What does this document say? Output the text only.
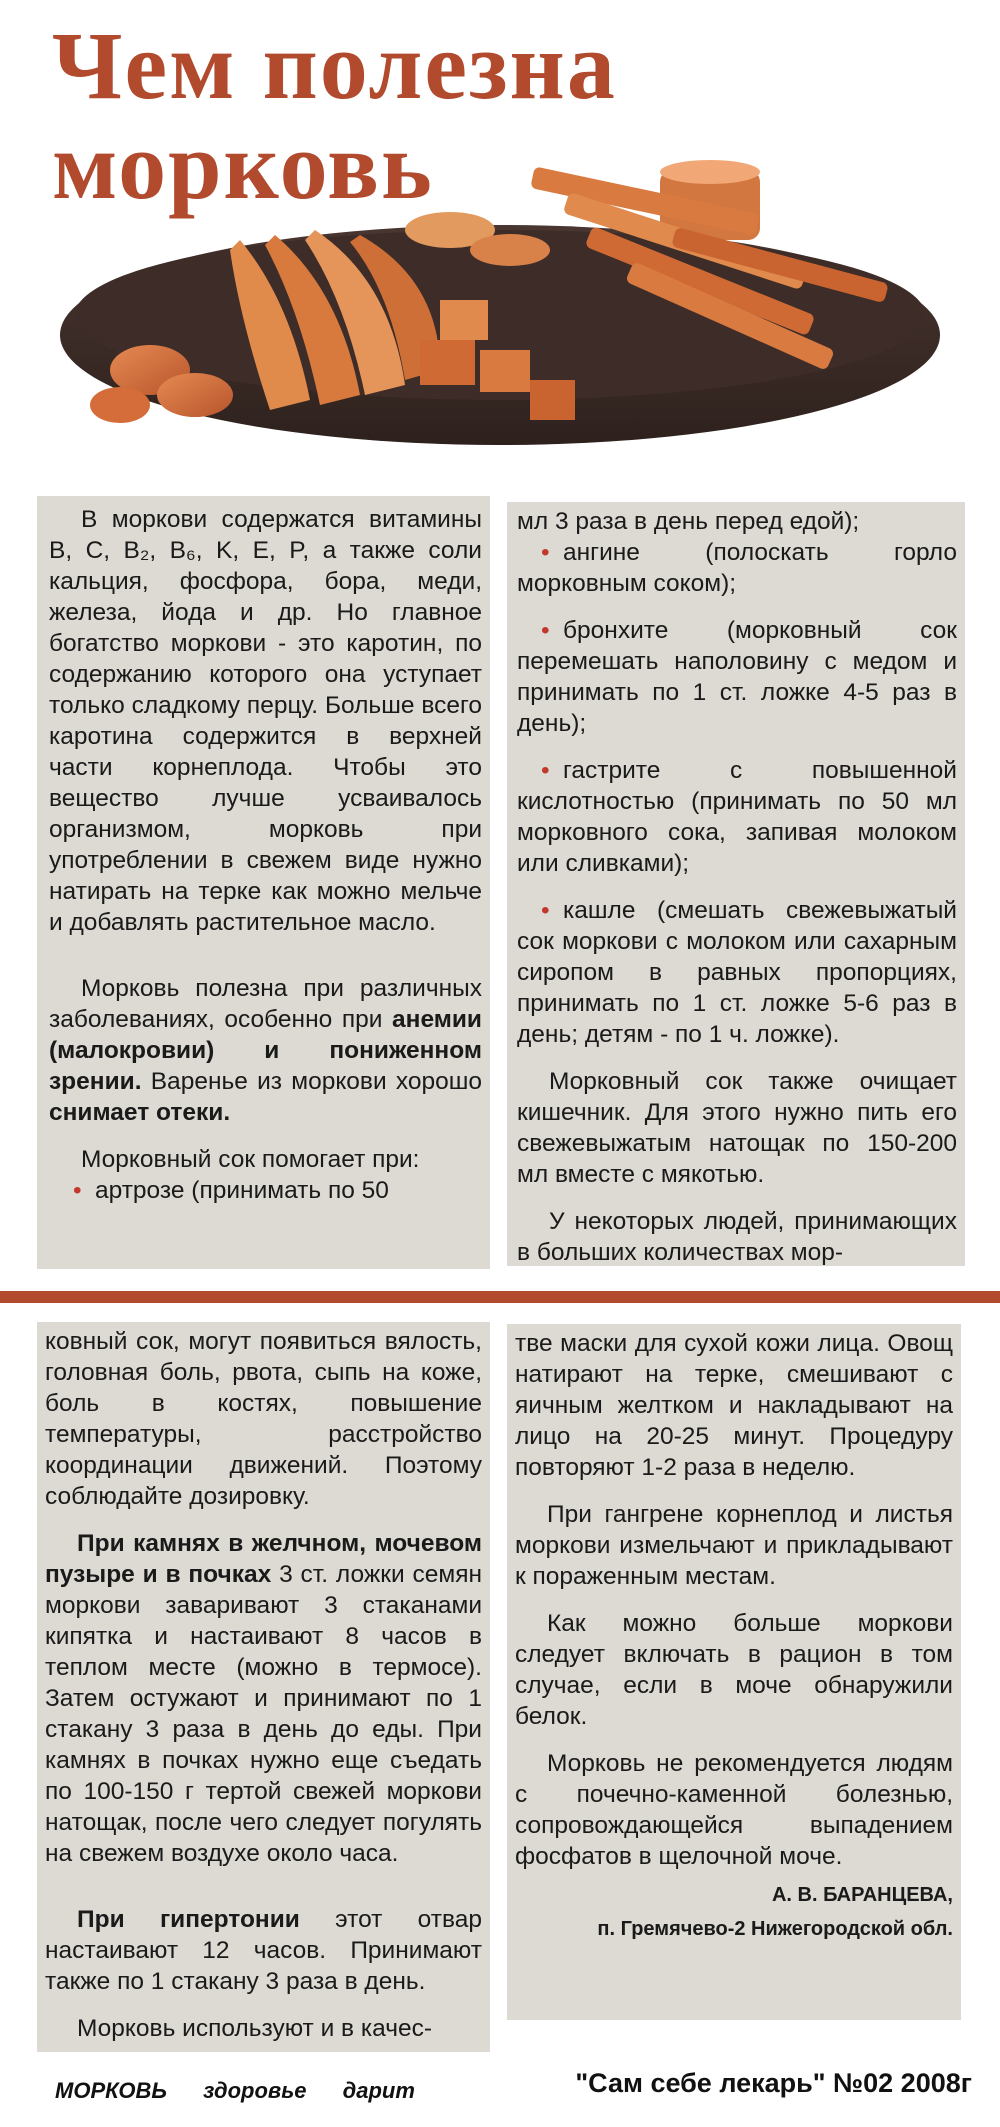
Чем полезна
морковь

В моркови содержатся витамины B, C, B₂, B₆, K, E, P, а также соли кальция, фосфора, бора, меди, железа, йода и др. Но главное богатство моркови - это каротин, по содержанию которого она уступает только сладкому перцу. Больше всего каротина содержится в верхней части корнеплода. Чтобы это вещество лучше усваивалось организмом, морковь при употреблении в свежем виде нужно натирать на терке как можно мельче и добавлять растительное масло.

Морковь полезна при различных заболеваниях, особенно при анемии (малокровии) и пониженном зрении. Варенье из моркови хорошо снимает отеки.

Морковный сок помогает при:

• артрозе (принимать по 50

мл 3 раза в день перед едой);

• ангине (полоскать горло морковным соком);

• бронхите (морковный сок перемешать наполовину с медом и принимать по 1 ст. ложке 4-5 раз в день);

• гастрите с повышенной кислотностью (принимать по 50 мл морковного сока, запивая молоком или сливками);

• кашле (смешать свежевыжатый сок моркови с молоком или сахарным сиропом в равных пропорциях, принимать по 1 ст. ложке 5-6 раз в день; детям - по 1 ч. ложке).

Морковный сок также очищает кишечник. Для этого нужно пить его свежевыжатым натощак по 150-200 мл вместе с мякотью.

У некоторых людей, принимающих в больших количествах мор-

ковный сок, могут появиться вялость, головная боль, рвота, сыпь на коже, боль в костях, повышение температуры, расстройство координации движений. Поэтому соблюдайте дозировку.

При камнях в желчном, мочевом пузыре и в почках 3 ст. ложки семян моркови заваривают 3 стаканами кипятка и настаивают 8 часов в теплом месте (можно в термосе). Затем остужают и принимают по 1 стакану 3 раза в день до еды. При камнях в почках нужно еще съедать по 100-150 г тертой свежей моркови натощак, после чего следует погулять на свежем воздухе около часа.

При гипертонии этот отвар настаивают 12 часов. Принимают также по 1 стакану 3 раза в день.

Морковь используют и в качес-

тве маски для сухой кожи лица. Овощ натирают на терке, смешивают с яичным желтком и накладывают на лицо на 20-25 минут. Процедуру повторяют 1-2 раза в неделю.

При гангрене корнеплод и листья моркови измельчают и прикладывают к пораженным местам.

Как можно больше моркови следует включать в рацион в том случае, если в моче обнаружили белок.

Морковь не рекомендуется людям с почечно-каменной болезнью, сопровождающейся выпадением фосфатов в щелочной моче.

А. В. БАРАНЦЕВА,

п. Гремячево-2 Нижегородской обл.

МОРКОВЬ здоровье дарит	"Сам себе лекарь" №02 2008г
